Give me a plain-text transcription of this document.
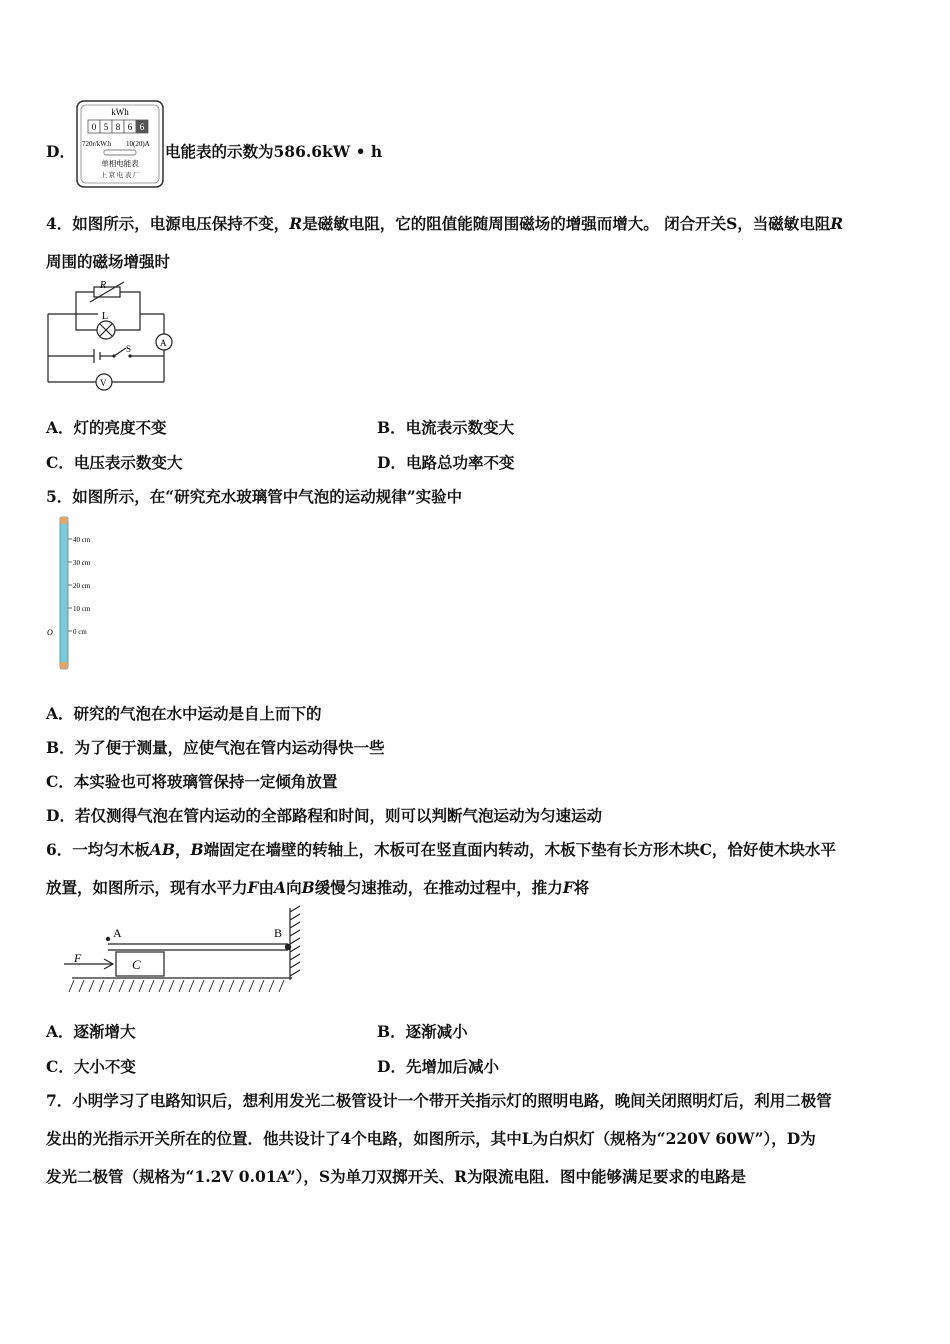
D．
kWh
0 5 8 6 6
720r/kW.h 10(20)A
单相电能表
上 京 电 表 厂
电能表的示数为586.6kW • h
4．如图所示，电源电压保持不变，R是磁敏电阻，它的阻值能随周围磁场的增强而增大。 闭合开关S，当磁敏电阻R
周围的磁场增强时
R
L
A
S
V
A．灯的亮度不变	B．电流表示数变大
C．电压表示数变大	D．电路总功率不变
5．如图所示，在“研究充水玻璃管中气泡的运动规律”实验中
40 cm
30 cm
20 cm
10 cm
0 cm
O
A．研究的气泡在水中运动是自上而下的
B．为了便于测量，应使气泡在管内运动得快一些
C．本实验也可将玻璃管保持一定倾角放置
D．若仅测得气泡在管内运动的全部路程和时间，则可以判断气泡运动为匀速运动
6．一均匀木板AB，B端固定在墙壁的转轴上，木板可在竖直面内转动，木板下垫有长方形木块C，恰好使木块水平
放置，如图所示，现有水平力F由A向B缓慢匀速推动，在推动过程中，推力F将
A	B
C
F
A．逐渐增大	B．逐渐减小
C．大小不变	D．先增加后减小
7．小明学习了电路知识后，想利用发光二极管设计一个带开关指示灯的照明电路，晚间关闭照明灯后，利用二极管
发出的光指示开关所在的位置．他共设计了4个电路，如图所示，其中L为白炽灯（规格为“220V 60W”），D为
发光二极管（规格为“1.2V 0.01A”），S为单刀双掷开关、R为限流电阻．图中能够满足要求的电路是
